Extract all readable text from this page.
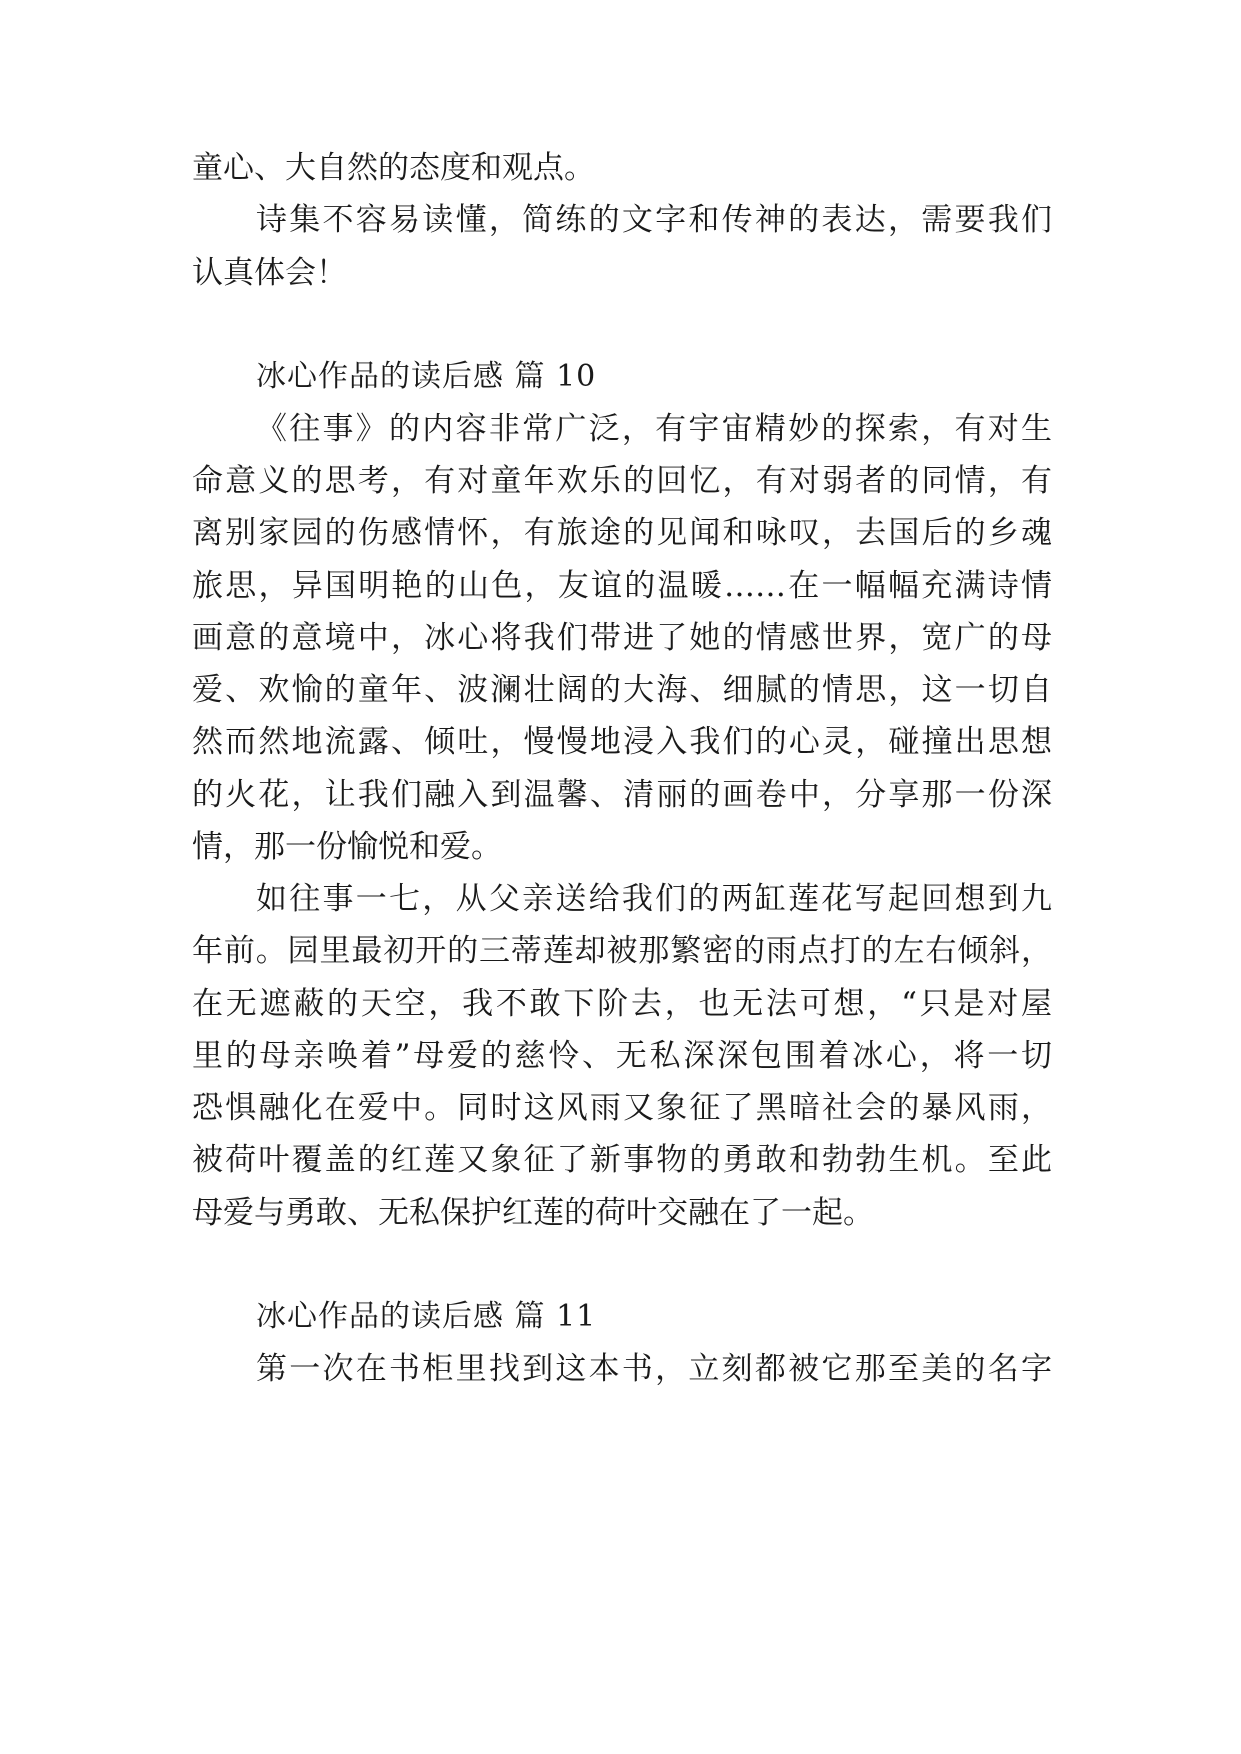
童心、大自然的态度和观点。
诗集不容易读懂，简练的文字和传神的表达，需要我们
认真体会！
冰心作品的读后感 篇 10
《往事》的内容非常广泛，有宇宙精妙的探索，有对生
命意义的思考，有对童年欢乐的回忆，有对弱者的同情，有
离别家园的伤感情怀，有旅途的见闻和咏叹，去国后的乡魂
旅思，异国明艳的山色，友谊的温暖……在一幅幅充满诗情
画意的意境中，冰心将我们带进了她的情感世界，宽广的母
爱、欢愉的童年、波澜壮阔的大海、细腻的情思，这一切自
然而然地流露、倾吐，慢慢地浸入我们的心灵，碰撞出思想
的火花，让我们融入到温馨、清丽的画卷中，分享那一份深
情，那一份愉悦和爱。
如往事一七，从父亲送给我们的两缸莲花写起回想到九
年前。园里最初开的三蒂莲却被那繁密的雨点打的左右倾斜，
在无遮蔽的天空，我不敢下阶去，也无法可想，“只是对屋
里的母亲唤着”母爱的慈怜、无私深深包围着冰心，将一切
恐惧融化在爱中。同时这风雨又象征了黑暗社会的暴风雨，
被荷叶覆盖的红莲又象征了新事物的勇敢和勃勃生机。至此
母爱与勇敢、无私保护红莲的荷叶交融在了一起。
冰心作品的读后感 篇 11
第一次在书柜里找到这本书，立刻都被它那至美的名字
